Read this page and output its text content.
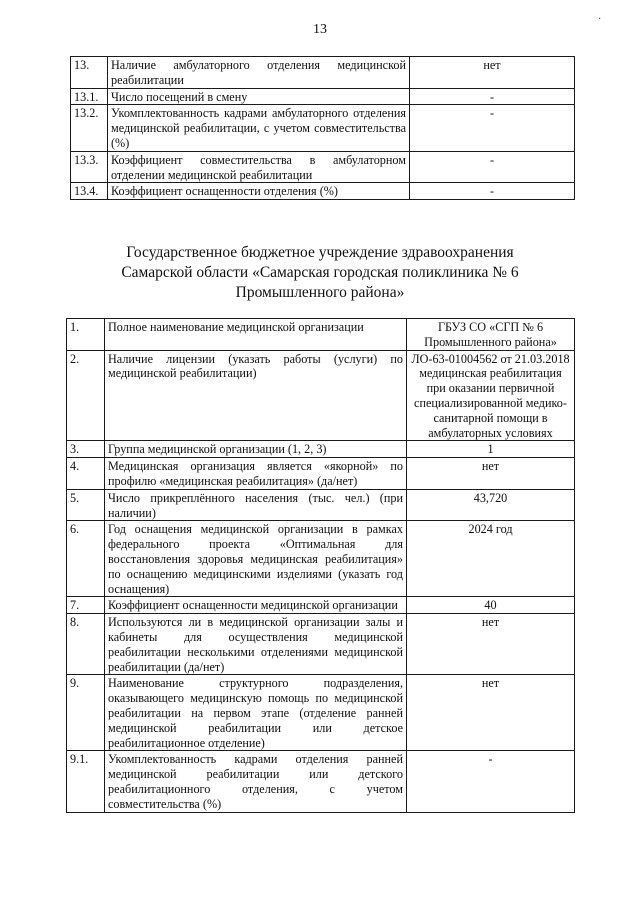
13
·
13.	Наличие амбулаторного отделения медицинской реабилитации	нет
13.1.	Число посещений в смену	-
13.2.	Укомплектованность кадрами амбулаторного отделения медицинской реабилитации, с учетом совместительства (%)	-
13.3.	Коэффициент совместительства в амбулаторном отделении медицинской реабилитации	-
13.4.	Коэффициент оснащенности отделения (%)	-
Государственное бюджетное учреждение здравоохранения
Самарской области «Самарская городская поликлиника № 6
Промышленного района»
1.	Полное наименование медицинской организации	ГБУЗ СО «СГП № 6 Промышленного района»
2.	Наличие лицензии (указать работы (услуги) по медицинской реабилитации)	ЛО-63-01004562 от 21.03.2018 медицинская реабилитация при оказании первичной специализированной медико-санитарной помощи в амбулаторных условиях
3.	Группа медицинской организации (1, 2, 3)	1
4.	Медицинская организация является «якорной» по профилю «медицинская реабилитация» (да/нет)	нет
5.	Число прикреплённого населения (тыс. чел.) (при наличии)	43,720
6.	Год оснащения медицинской организации в рамках федерального проекта «Оптимальная для восстановления здоровья медицинская реабилитация» по оснащению медицинскими изделиями (указать год оснащения)	2024 год
7.	Коэффициент оснащенности медицинской организации	40
8.	Используются ли в медицинской организации залы и кабинеты для осуществления медицинской реабилитации несколькими отделениями медицинской реабилитации (да/нет)	нет
9.	Наименование структурного подразделения, оказывающего медицинскую помощь по медицинской реабилитации на первом этапе (отделение ранней медицинской реабилитации или детское реабилитационное отделение)	нет
9.1.	Укомплектованность кадрами отделения ранней медицинской реабилитации или детского реабилитационного отделения, с учетом совместительства (%)	-
